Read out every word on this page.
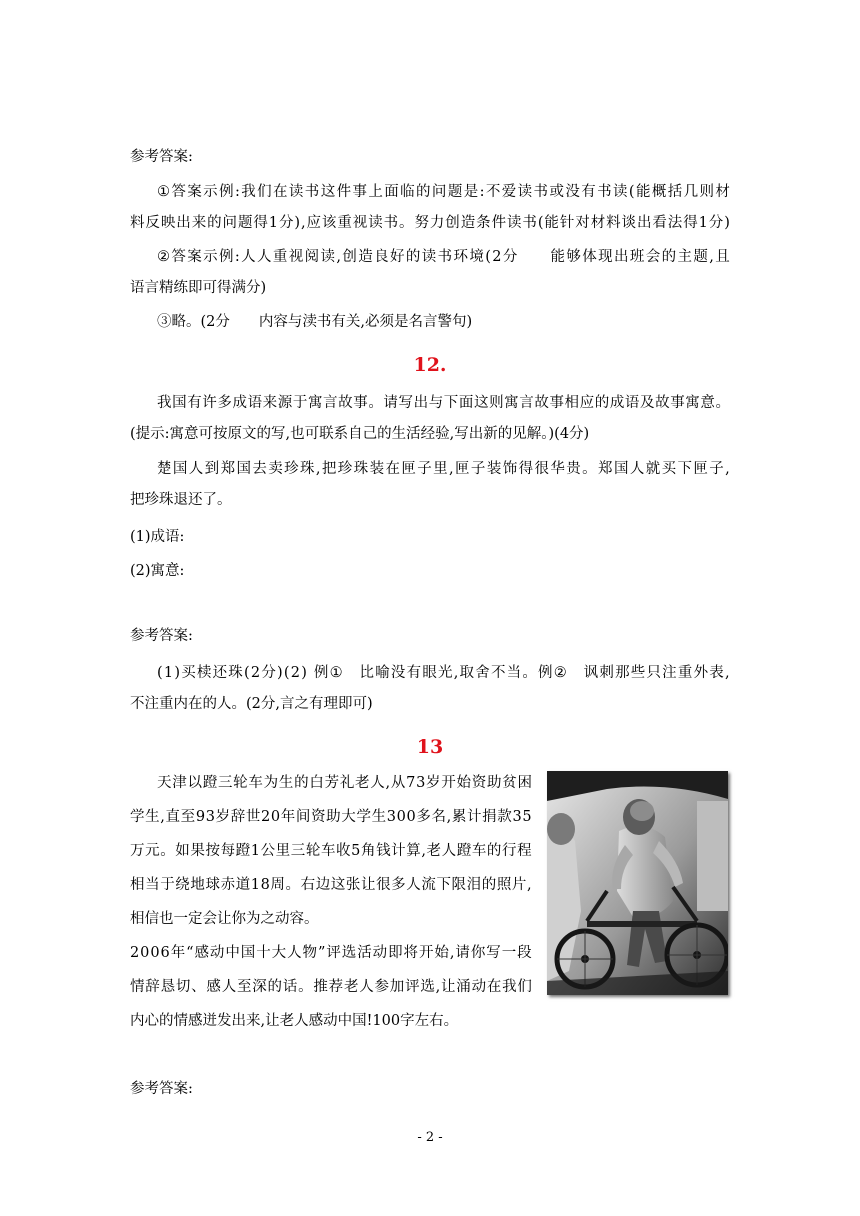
参考答案:
① 答 案 示 例 : 我 们 在 读 书 这 件 事 上 面 临 的 问 题 是 : 不 爱 读 书 或 没 有 书 读 ( 能 概 括 几 则 材
料 反 映 出 来 的 问 题 得 1 分 ) , 应 该 重 视 读 书 。 努 力 创 造 条 件 读 书 ( 能 针 对 材 料 谈 出 看 法 得 1 分 )
② 答 案 示 例 : 人 人 重 视 阅 读 , 创 造 良 好 的 读 书 环 境 ( 2 分

　 能 够 体 现 出 班 会 的 主 题 , 且
语言精练即可得满分)
③略。(2分　　内容与渎书有关,必须是名言警句)
12.
我 国 有 许 多 成 语 来 源 于 寓 言 故 事 。 请 写 出 与 下 面 这 则 寓 言 故 事 相 应 的 成 语 及 故 事 寓 意 。
(提示:寓意可按原文的写,也可联系自己的生活经验,写出新的见解。)(4分)
楚 国 人 到 郑 国 去 卖 珍 珠 , 把 珍 珠 装 在 匣 子 里 , 匣 子 装 饰 得 很 华 贵 。 郑 国 人 就 买 下 匣 子 ,
把珍珠退还了。
(1)成语:
(2)寓意:
参考答案:
( 1 ) 买 椟 还 珠 ( 2 分 ) ( 2 )
例 ①
　 比 喻 没 有 眼 光 , 取 舍 不 当 。 例 ②
　 讽 刺 那 些 只 注 重 外 表 ,
不注重内在的人。(2分,言之有理即可)
13
天 津 以 蹬 三 轮 车 为 生 的 白 芳 礼 老 人 , 从 7 3 岁 开 始 资 助 贫 困
学 生 , 直 至 9 3 岁 辞 世 2 0 年 间 资 助 大 学 生 3 0 0 多 名 , 累 计 捐 款 3 5
万 元 。 如 果 按 每 蹬 1 公 里 三 轮 车 收 5 角 钱 计 算 , 老 人 蹬 车 的 行 程
相 当 于 绕 地 球 赤 道 1 8 周 。 右 边 这 张 让 很 多 人 流 下 限 泪 的 照 片 ,
相信也一定会让你为之动容。
2 0 0 6 年 “ 感 动 中 国 十 大 人 物 ” 评 选 活 动 即 将 开 始 , 请 你 写 一 段
情 辞 恳 切 、 感 人 至 深 的 话 。 推 荐 老 人 参 加 评 选 , 让 涌 动 在 我 们
内心的情感迸发出来,让老人感动中国!100字左右。
参考答案:
- 2 -
